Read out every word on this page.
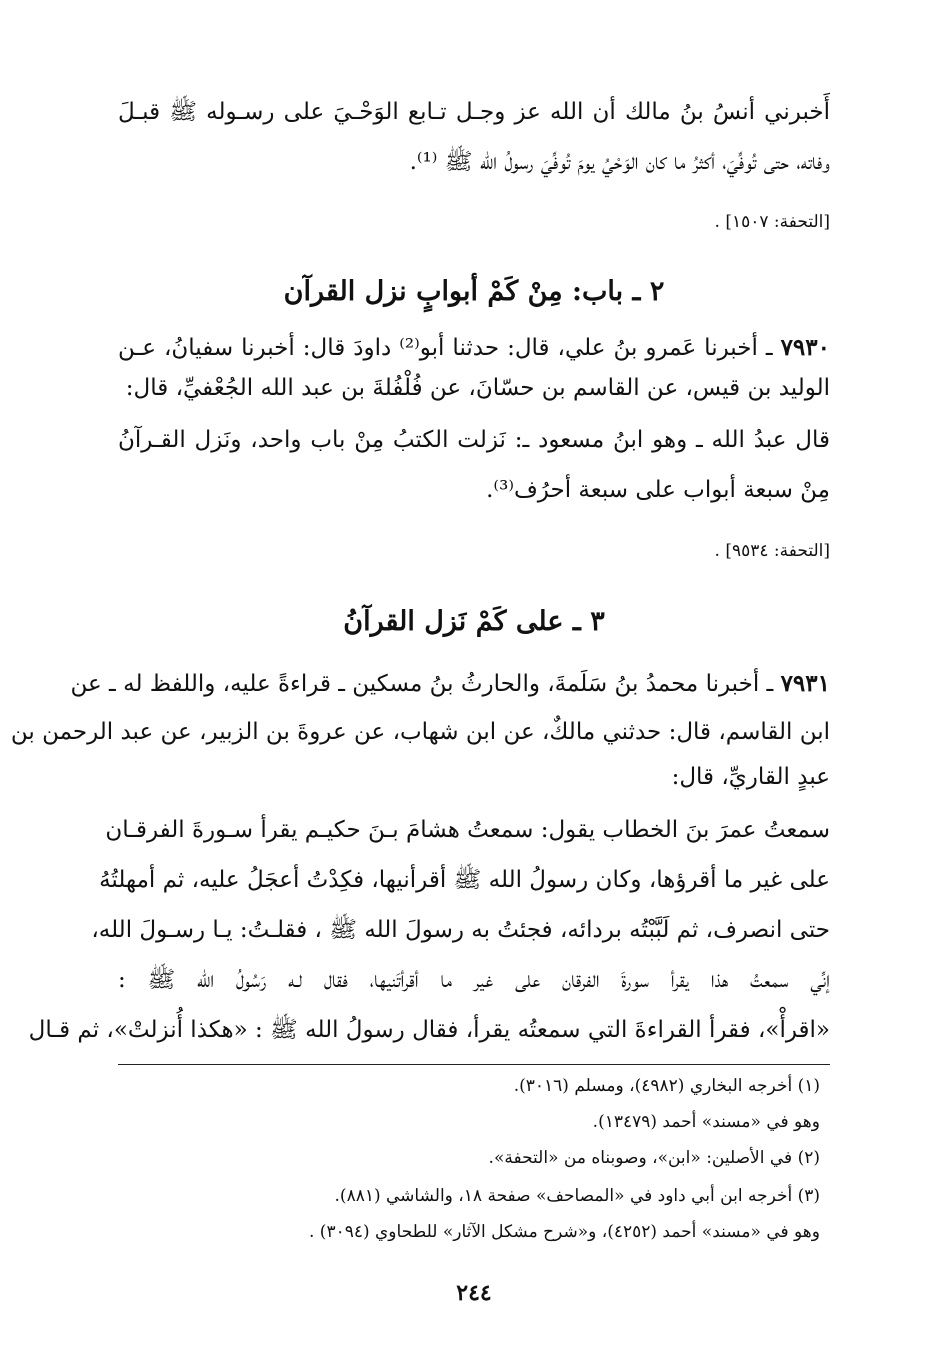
أَخبرني أنسُ بنُ مالك أن الله عز وجـل تـابع الوَحْـيَ على رسـوله ﷺ قبـلَ
وفاته، حتى تُوفِّيَ، أكثرُ ما كان الوَحْيُ يومَ تُوفِّيَ رسولُ الله ﷺ ⁽¹⁾.
[التحفة: ١٥٠٧] .
٢ ـ باب: مِنْ كَمْ أبوابٍ نزل القرآن
٧٩٣٠ ـ أخبرنا عَمرو بنُ علي، قال: حدثنا أبو⁽²⁾ داودَ قال: أخبرنا سفيانُ، عـن
الوليد بن قيس، عن القاسم بن حسّانَ، عن فُلْفُلةَ بن عبد الله الجُعْفيِّ، قال:
قال عبدُ الله ـ وهو ابنُ مسعود ـ: نَزلت الكتبُ مِنْ باب واحد، ونَزل القـرآنُ
مِنْ سبعة أبواب على سبعة أحرُف⁽³⁾.
[التحفة: ٩٥٣٤] .
٣ ـ على كَمْ نَزل القرآنُ
٧٩٣١ ـ أخبرنا محمدُ بنُ سَلَمةَ، والحارثُ بنُ مسكين ـ قراءةً عليه، واللفظ له ـ عن
ابن القاسم، قال: حدثني مالكٌ، عن ابن شهاب، عن عروةَ بن الزبير، عن عبد الرحمن بن
عبدٍ القاريِّ، قال:
سمعتُ عمرَ بنَ الخطاب يقول: سمعتُ هشامَ بـنَ حكيـم يقرأ سـورةَ الفرقـان
على غير ما أقرؤها، وكان رسولُ الله ﷺ أقرأنيها، فكِدْتُ أعجَلُ عليه، ثم أمهلتُهُ
حتى انصرف، ثم لَبَّبْتُه بردائه، فجئتُ به رسولَ الله ﷺ ، فقلـتُ: يـا رسـولَ الله،
إنِّي سمعتُ هذا يقرأ سورةَ الفرقان على غير ما أقرأتَنيها، فقال لـه رَسُولُ الله ﷺ :
«اقرأْ»، فقرأ القراءةَ التي سمعتُه يقرأ، فقال رسولُ الله ﷺ : «هكذا أُنزلتْ»، ثم قـال
(١) أخرجه البخاري (٤٩٨٢)، ومسلم (٣٠١٦).
وهو في «مسند» أحمد (١٣٤٧٩).
(٢) في الأصلين: «ابن»، وصوبناه من «التحفة».
(٣) أخرجه ابن أبي داود في «المصاحف» صفحة ١٨، والشاشي (٨٨١).
وهو في «مسند» أحمد (٤٢٥٢)، و«شرح مشكل الآثار» للطحاوي (٣٠٩٤) .
٢٤٤
